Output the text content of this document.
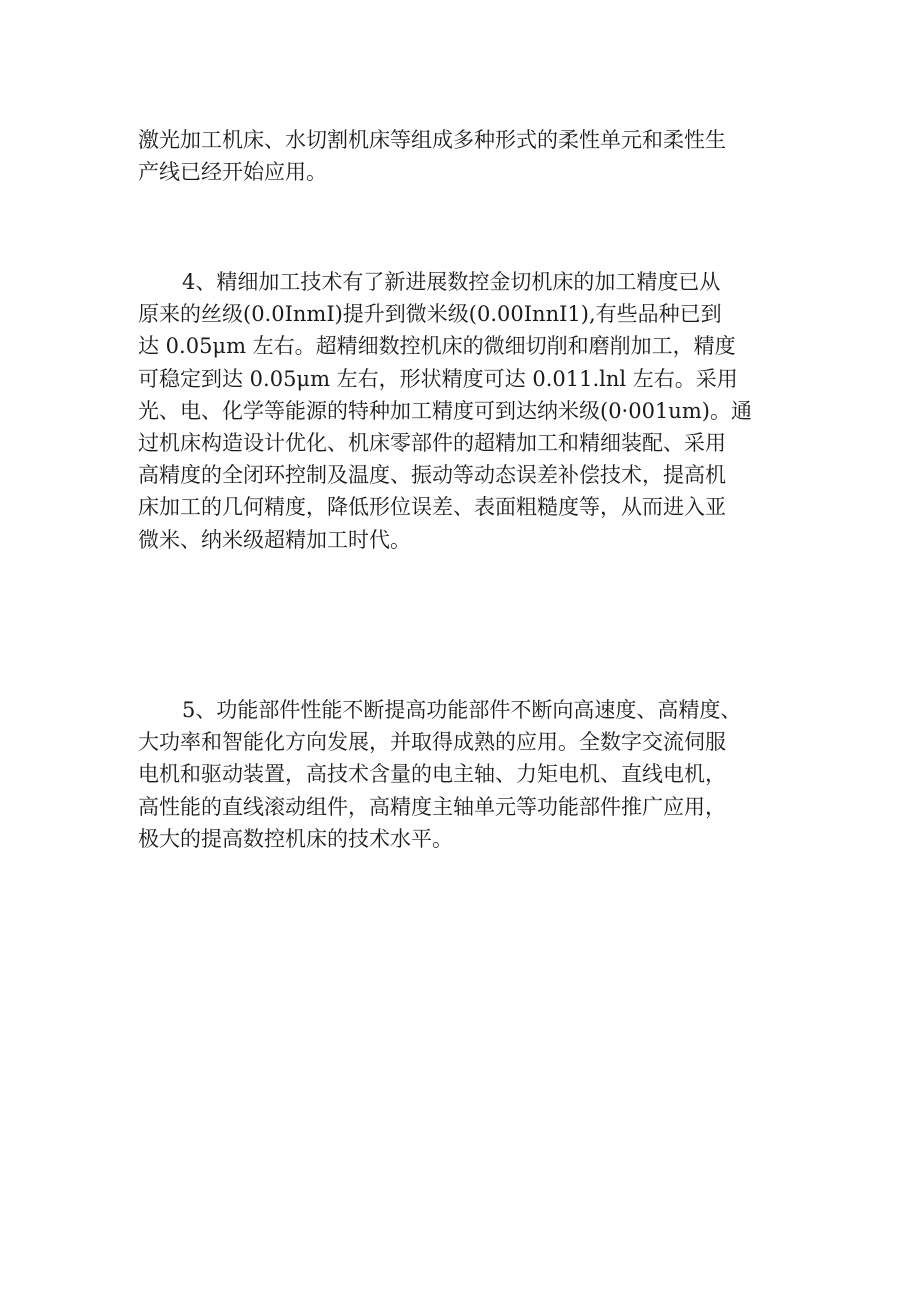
激光加工机床、水切割机床等组成多种形式的柔性单元和柔性生
产线已经开始应用。
4、精细加工技术有了新进展数控金切机床的加工精度已从
原来的丝级(0.0InmI)提升到微米级(0.00InnI1),有些品种已到
达 0.05μm 左右。超精细数控机床的微细切削和磨削加工，精度
可稳定到达 0.05μm 左右，形状精度可达 0.011.lnl 左右。采用
光、电、化学等能源的特种加工精度可到达纳米级(0·001um)。通
过机床构造设计优化、机床零部件的超精加工和精细装配、采用
高精度的全闭环控制及温度、振动等动态误差补偿技术，提高机
床加工的几何精度，降低形位误差、表面粗糙度等，从而进入亚
微米、纳米级超精加工时代。
5、功能部件性能不断提高功能部件不断向高速度、高精度、
大功率和智能化方向发展，并取得成熟的应用。全数字交流伺服
电机和驱动装置，高技术含量的电主轴、力矩电机、直线电机，
高性能的直线滚动组件，高精度主轴单元等功能部件推广应用，
极大的提高数控机床的技术水平。
